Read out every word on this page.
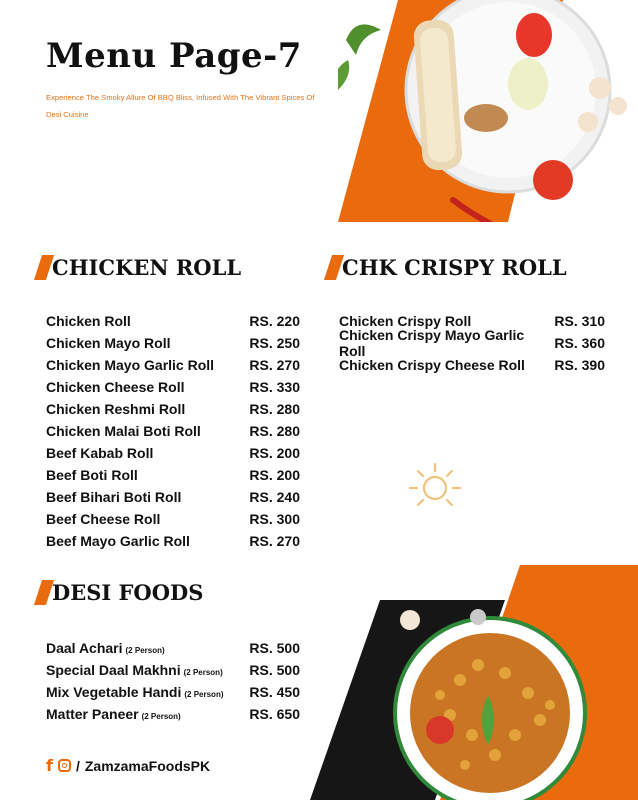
Menu Page-7
Experience The Smoky Allure Of BBQ Bliss, Infused With The Vibrant Spices Of Desi Cuisine
CHICKEN ROLL
Chicken Roll	RS. 220
Chicken Mayo Roll	RS. 250
Chicken Mayo Garlic Roll	RS. 270
Chicken Cheese Roll	RS. 330
Chicken Reshmi Roll	RS. 280
Chicken Malai Boti Roll	RS. 280
Beef Kabab Roll	RS. 200
Beef Boti Roll	RS. 200
Beef Bihari Boti Roll	RS. 240
Beef Cheese Roll	RS. 300
Beef Mayo Garlic Roll	RS. 270
CHK CRISPY ROLL
Chicken Crispy Roll	RS. 310
Chicken Crispy Mayo Garlic Roll	RS. 360
Chicken Crispy Cheese Roll RS. 390
DESI FOODS
Daal Achari (2 Person)	RS. 500
Special Daal Makhni (2 Person) RS. 500
Mix Vegetable Handi (2 Person) RS. 450
Matter Paneer (2 Person)	RS. 650
f / ZamzamaFoodsPK
